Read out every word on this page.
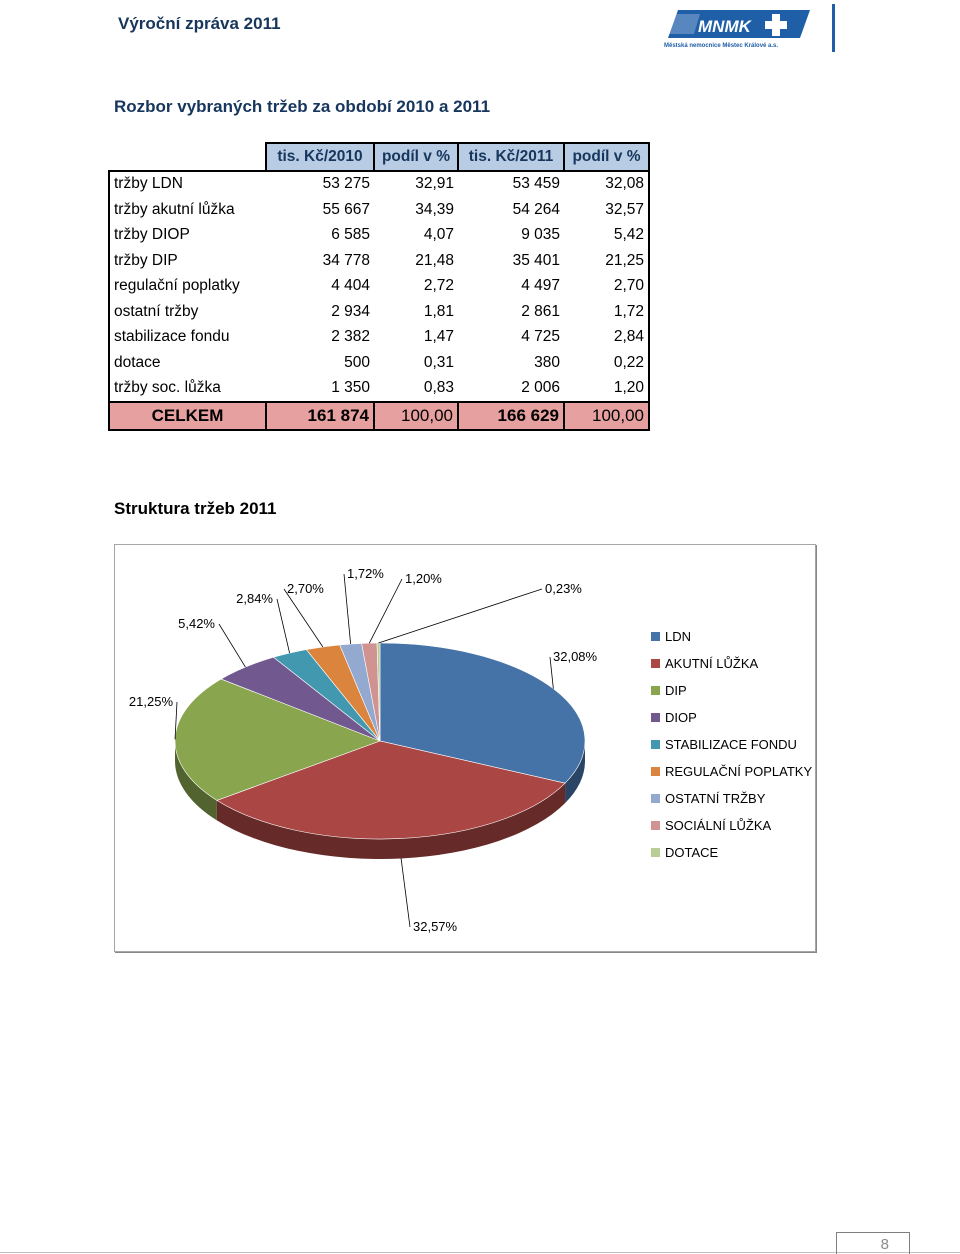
Výroční zpráva 2011	MNMK
Městská nemocnice Městec Králové a.s.
Rozbor vybraných tržeb za období 2010 a 2011
	tis. Kč/2010	podíl v %	tis. Kč/2011	podíl v %
tržby LDN	53 275	32,91	53 459	32,08
tržby akutní lůžka	55 667	34,39	54 264	32,57
tržby DIOP	6 585	4,07	9 035	5,42
tržby DIP	34 778	21,48	35 401	21,25
regulační poplatky	4 404	2,72	4 497	2,70
ostatní tržby	2 934	1,81	2 861	1,72
stabilizace fondu	2 382	1,47	4 725	2,84
dotace	500	0,31	380	0,22
tržby soc. lůžka	1 350	0,83	2 006	1,20
CELKEM	161 874	100,00	166 629	100,00
Struktura tržeb 2011
32,08%
32,57%
21,25%
5,42%
2,84%
2,70%
1,72% 1,20%
0,23%
LDN
AKUTNÍ LŮŽKA
DIP
DIOP
STABILIZACE FONDU
REGULAČNÍ POPLATKY
OSTATNÍ TRŽBY
SOCIÁLNÍ LŮŽKA
DOTACE
8
